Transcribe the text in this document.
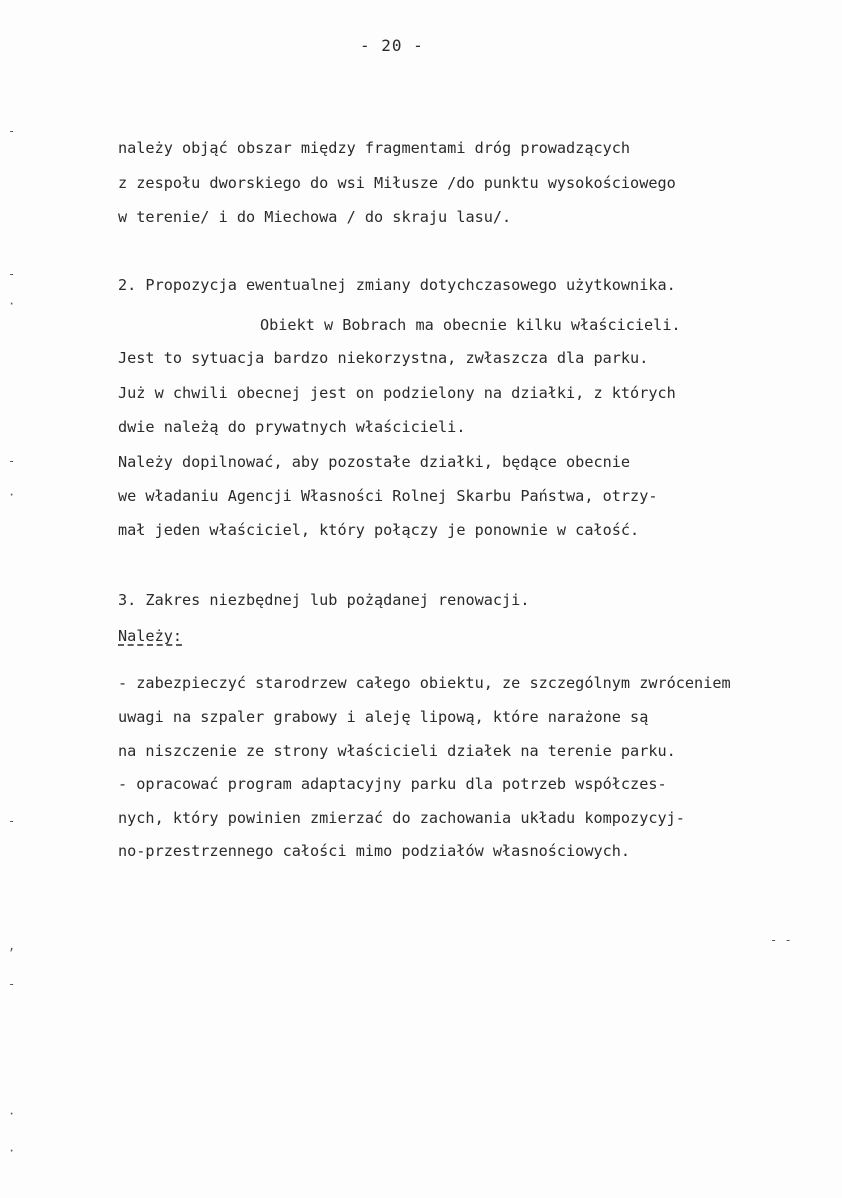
- 20 -
należy objąć obszar między fragmentami dróg prowadzących
z zespołu dworskiego do wsi Miłusze /do punktu wysokościowego
w terenie/ i do Miechowa / do skraju lasu/.
2. Propozycja ewentualnej zmiany dotychczasowego użytkownika.
Obiekt w Bobrach ma obecnie kilku właścicieli.
Jest to sytuacja bardzo niekorzystna, zwłaszcza dla parku.
Już w chwili obecnej jest on podzielony na działki, z których
dwie należą do prywatnych właścicieli.
Należy dopilnować, aby pozostałe działki, będące obecnie
we władaniu Agencji Własności Rolnej Skarbu Państwa, otrzy-
mał jeden właściciel, który połączy je ponownie w całość.
3. Zakres niezbędnej lub pożądanej renowacji.
Należy:
- zabezpieczyć starodrzew całego obiektu, ze szczególnym zwróceniem
uwagi na szpaler grabowy i aleję lipową, które narażone są
na niszczenie ze strony właścicieli działek na terenie parku.
- opracować program adaptacyjny parku dla potrzeb współczes-
nych, który powinien zmierzać do zachowania układu kompozycyj-
no-przestrzennego całości mimo podziałów własnościowych.
-
-
·
-
·
-
,
-
·
·
- -
